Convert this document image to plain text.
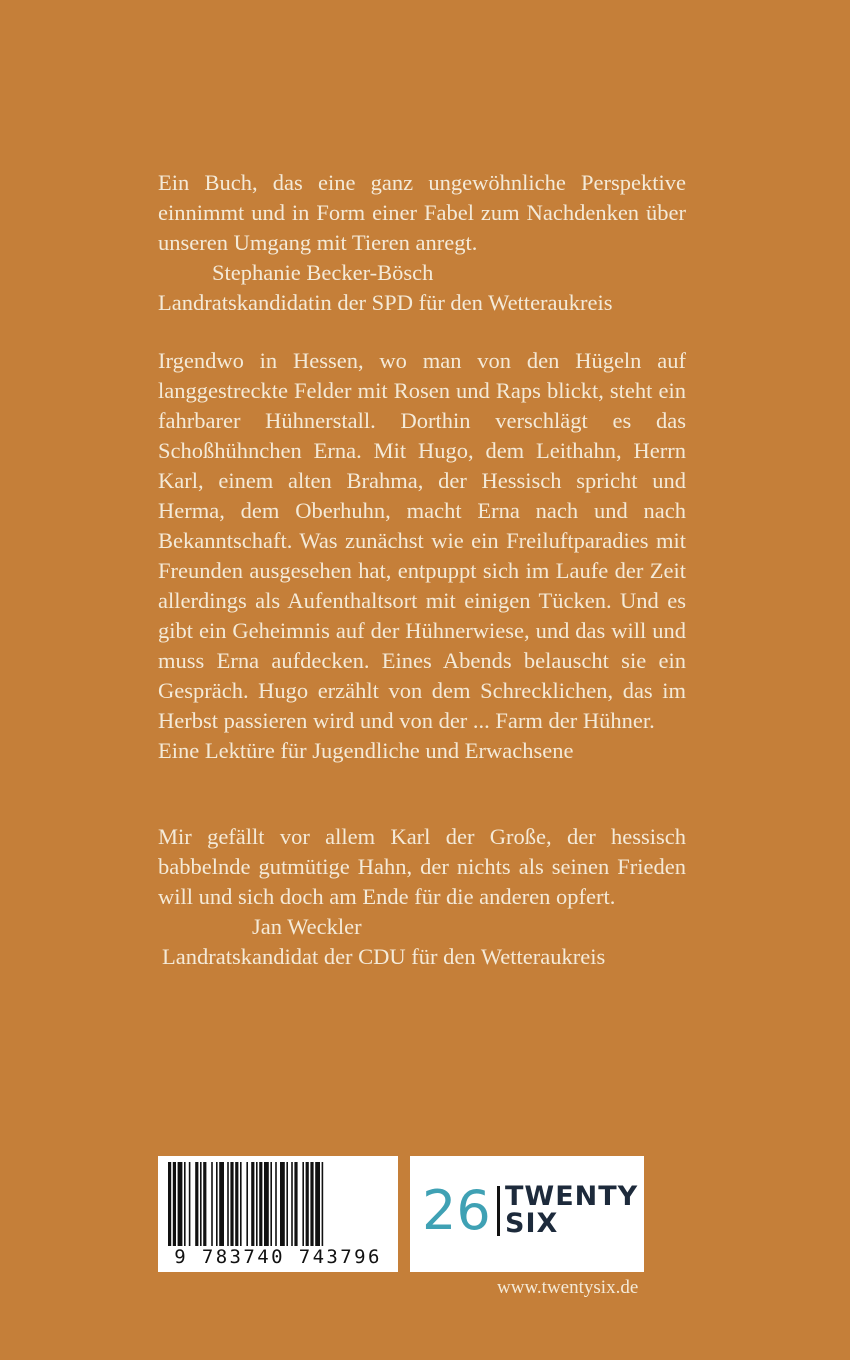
Ein Buch, das eine ganz ungewöhnliche Perspektive einnimmt und in Form einer Fabel zum Nachdenken über unseren Umgang mit Tieren anregt.

Stephanie Becker-Bösch

Landratskandidatin der SPD für den Wetteraukreis

Irgendwo in Hessen, wo man von den Hügeln auf langgestreckte Felder mit Rosen und Raps blickt, steht ein fahrbarer Hühnerstall. Dorthin verschlägt es das Schoßhühnchen Erna. Mit Hugo, dem Leithahn, Herrn Karl, einem alten Brahma, der Hessisch spricht und Herma, dem Oberhuhn, macht Erna nach und nach Bekanntschaft. Was zunächst wie ein Freiluftparadies mit Freunden ausgesehen hat, entpuppt sich im Laufe der Zeit allerdings als Aufenthaltsort mit einigen Tücken. Und es gibt ein Geheimnis auf der Hühnerwiese, und das will und muss Erna aufdecken. Eines Abends belauscht sie ein Gespräch. Hugo erzählt von dem Schrecklichen, das im Herbst passieren wird und von der ... Farm der Hühner.

Eine Lektüre für Jugendliche und Erwachsene

Mir gefällt vor allem Karl der Große, der hessisch babbelnde gutmütige Hahn, der nichts als seinen Frieden will und sich doch am Ende für die anderen opfert.

Jan Weckler

Landratskandidat der CDU für den Wetteraukreis

9 783740 743796
26 TWENTY
SIX
www.twentysix.de
